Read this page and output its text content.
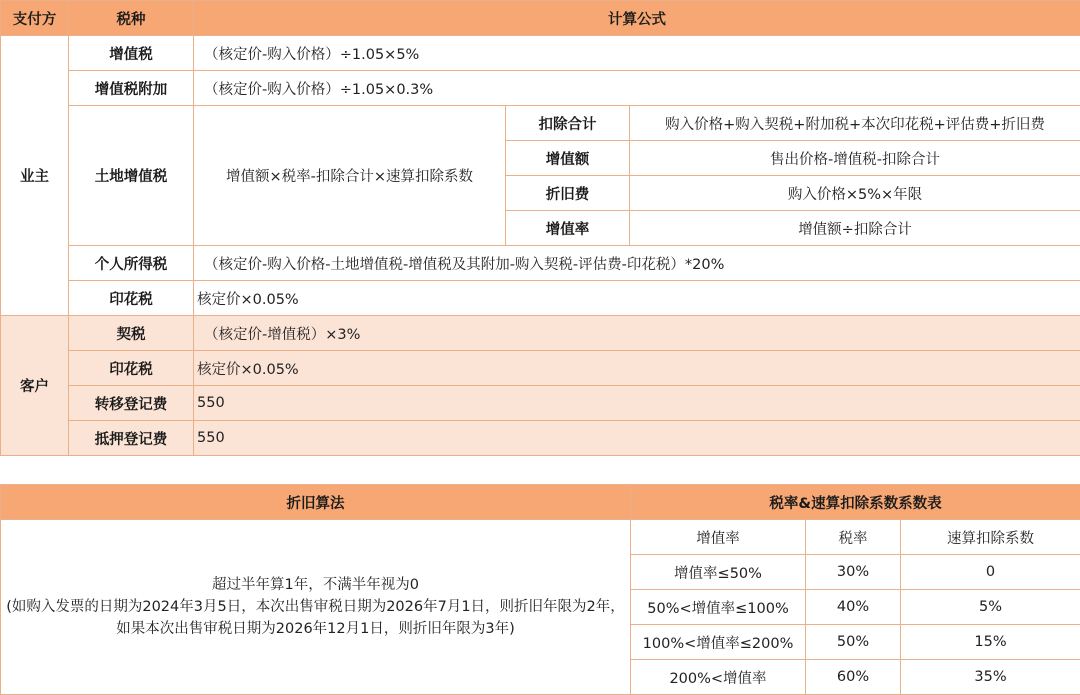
支付方	税种	计算公式		
业主	增值税	（核定价-购入价格）÷1.05×5%		
	增值税附加	（核定价-购入价格）÷1.05×0.3%		
	土地增值税	增值额×税率-扣除合计×速算扣除系数	扣除合计	购入价格+购入契税+附加税+本次印花税+评估费+折旧费
			增值额	售出价格-增值税-扣除合计
			折旧费	购入价格×5%×年限
			增值率	增值额÷扣除合计
	个人所得税	（核定价-购入价格-土地增值税-增值税及其附加-购入契税-评估费-印花税）*20%		
	印花税	核定价×0.05%		
客户	契税	（核定价-增值税）×3%		
	印花税	核定价×0.05%		
	转移登记费	550		
	抵押登记费	550		
折旧算法	税率&速算扣除系数系数表		

超过半年算1年，不满半年视为0
(如购入发票的日期为2024年3月5日，本次出售审税日期为2026年7月1日，则折旧年限为2年，如果本次出售审税日期为2026年12月1日，则折旧年限为3年)	增值率	税率	速算扣除系数
	增值率≤50%	30%	0
	50%<增值率≤100%	40%	5%
	100%<增值率≤200%	50%	15%
	200%<增值率	60%	35%
